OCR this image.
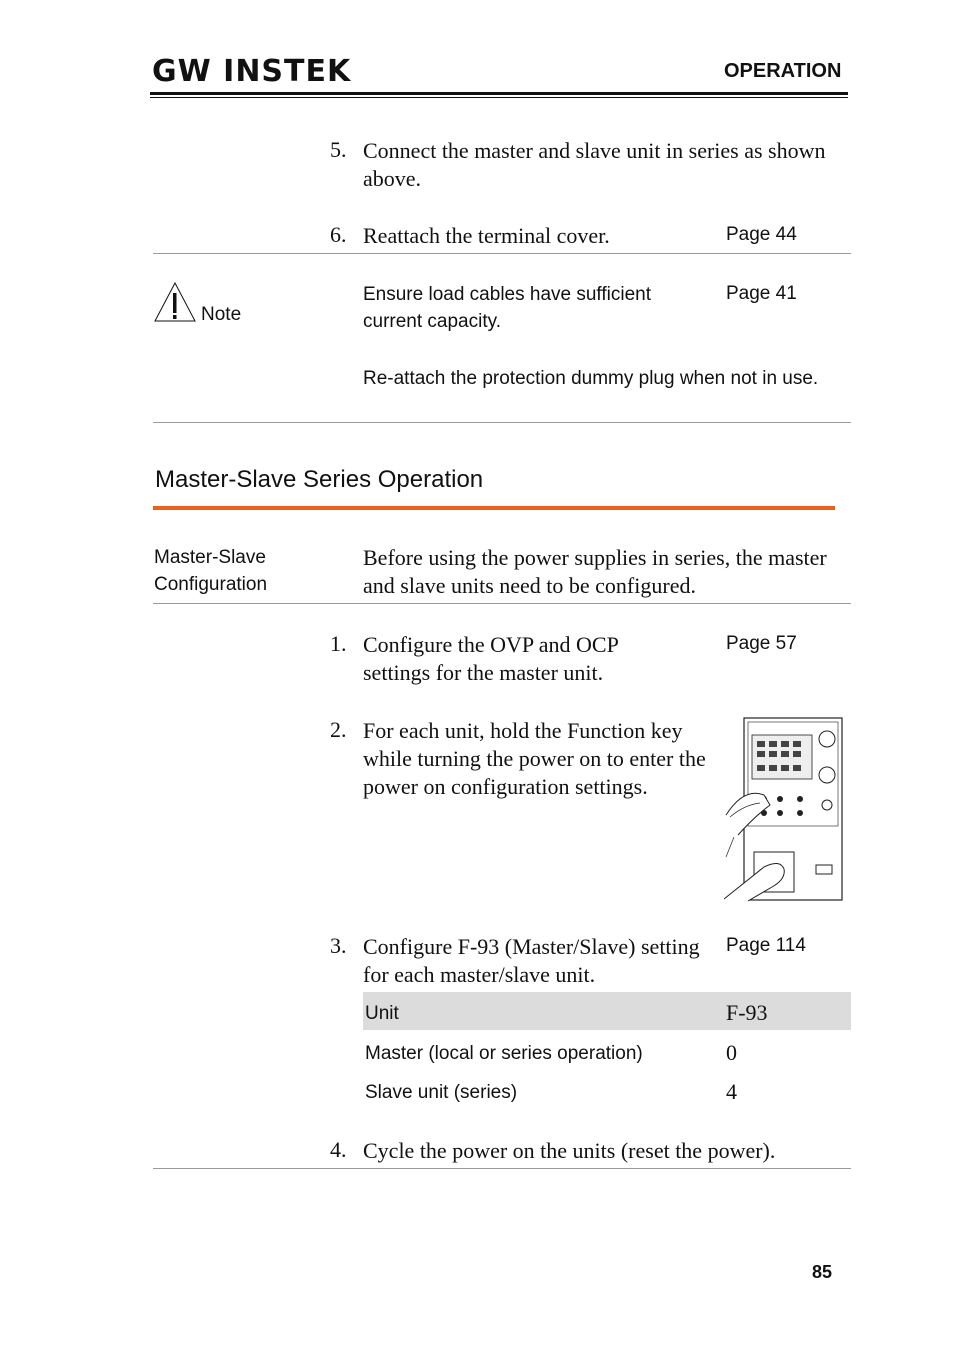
GW INSTEK	OPERATION
5. Connect the master and slave unit in series as shown above.
6. Reattach the terminal cover.	Page 44
Note
Ensure load cables have sufficient current capacity.
Page 41
Re-attach the protection dummy plug when not in use.
Master-Slave Series Operation
Master-Slave Configuration
Before using the power supplies in series, the master and slave units need to be configured.
1. Configure the OVP and OCP settings for the master unit.
Page 57
2. For each unit, hold the Function key while turning the power on to enter the power on configuration settings.
3. Configure F-93 (Master/Slave) setting for each master/slave unit.
Page 114
Unit	F-93
Master (local or series operation)	0
Slave unit (series)	4
4. Cycle the power on the units (reset the power).
85
